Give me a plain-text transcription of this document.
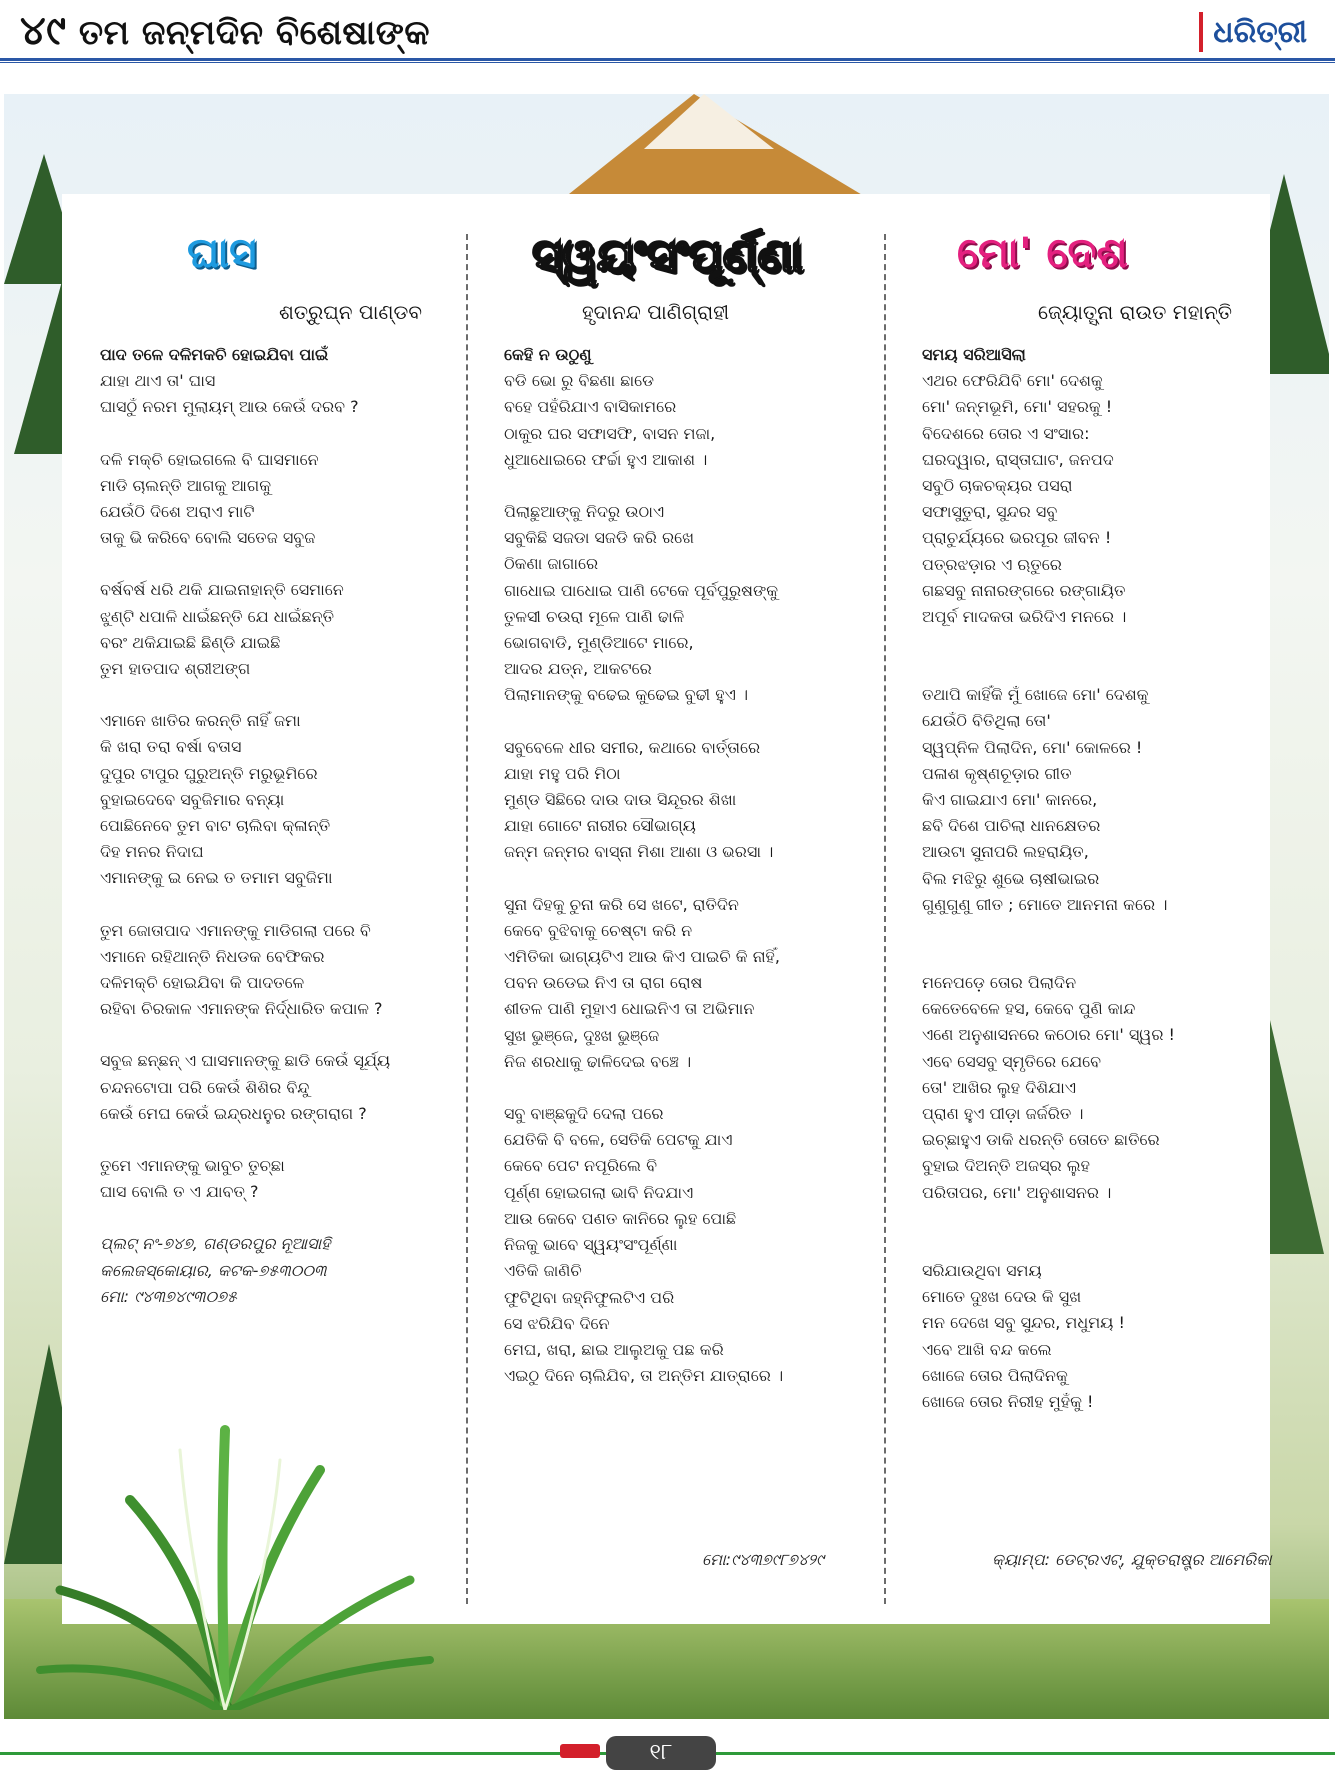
୪୯ ତମ ଜନ୍ମଦିନ ବିଶେଷାଙ୍କ	ଧରିତ୍ରୀ
ଘାସ
ଶତ୍ରୁଘ୍ନ ପାଣ୍ଡବ
ପାଦ ତଳେ ଦଳିମକଚି ହୋଇଯିବା ପାଇଁ
ଯାହା ଥାଏ ତା' ଘାସ
ଘାସଠୁଁ ନରମ ମୁଲାୟମ୍ ଆଉ କେଉଁ ଦରବ ?
ଦଳି ମକ୍ଚି ହୋଇଗଲେ ବି ଘାସମାନେ
ମାଡି ଚାଲନ୍ତି ଆଗକୁ ଆଗକୁ
ଯେଉଁଠି ଦିଶେ ଅରାଏ ମାଟି
ତାକୁ ଭି କରିବେ ବୋଲି ସତେଜ ସବୁଜ
ବର୍ଷବର୍ଷ ଧରି ଥକି ଯାଇନାହାନ୍ତି ସେମାନେ
ଝୁଣ୍ଟି ଧପାଳି ଧାଇଁଛନ୍ତି ଯେ ଧାଇଁଛନ୍ତି
ବରଂ ଥକିଯାଇଛି ଛିଣ୍ଡି ଯାଇଛି
ତୁମ ହାତପାଦ ଶ୍ରୀଅଙ୍ଗ
ଏମାନେ ଖାତିର କରନ୍ତି ନାହିଁ ଜମା
କି ଖରା ତରା ବର୍ଷା ବତାସ
ଦୁପୁର ଟାପୁର ଘୁରୁଅନ୍ତି ମରୁଭୂମିରେ
ବୁହାଇଦେବେ ସବୁଜିମାର ବନ୍ୟା
ପୋଛିନେବେ ତୁମ ବାଟ ଚାଲିବା କ୍ଳାନ୍ତି
ଦିହ ମନର ନିଦାଘ
ଏମାନଙ୍କୁ ଇ ନେଇ ତ ତମାମ ସବୁଜିମା
ତୁମ ଜୋତାପାଦ ଏମାନଙ୍କୁ ମାଡିଗଲା ପରେ ବି
ଏମାନେ ରହିଥାନ୍ତି ନିଧଡକ ବେଫିକର
ଦଳିମକ୍ଚି ହୋଇଯିବା କି ପାଦତଳେ
ରହିବା ଚିରକାଳ ଏମାନଙ୍କ ନିର୍ଦ୍ଧାରିତ କପାଳ ?
ସବୁଜ ଛନ୍ଛନ୍ ଏ ଘାସମାନଙ୍କୁ ଛାଡି କେଉଁ ସୂର୍ଯ୍ୟ
ଚନ୍ଦନଟୋପା ପରି କେଉଁ ଶିଶିର ବିନ୍ଦୁ
କେଉଁ ମେଘ କେଉଁ ଇନ୍ଦ୍ରଧନୁର ରଙ୍ଗରାଗ ?
ତୁମେ ଏମାନଙ୍କୁ ଭାବୁଚ ତୁଚ୍ଛା
ଘାସ ବୋଲି ତ ଏ ଯାବତ୍ ?
ପ୍ଲଟ୍ ନଂ-୭୪୭, ଗଣ୍ଡରପୁର ନୂଆସାହି
କଲେଜସ୍କୋୟାର, କଟକ-୭୫୩୦୦୩
ମୋ: ୯୪୩୭୪୯୩୦୭୫
ସ୍ୱୟଂସଂପୂର୍ଣ୍ଣା
ହୃଦାନନ୍ଦ ପାଣିଗ୍ରାହୀ
କେହି ନ ଉଠୁଣୁ
ବଡି ଭୋ ରୁ ବିଛଣା ଛାଡେ
ବହେ ପହଁରିଯାଏ ବାସିକାମରେ
ଠାକୁର ଘର ସଫାସଫି, ବାସନ ମଜା,
ଧୁଆଧୋଇରେ ଫର୍ଚ୍ଚା ହୁଏ ଆକାଶ ।
ପିଲାଛୁଆଙ୍କୁ ନିଦରୁ ଉଠାଏ
ସବୁକିଛି ସଜଡା ସଜଡି କରି ରଖେ
ଠିକଣା ଜାଗାରେ
ଗାଧୋଇ ପାଧୋଇ ପାଣି ଟେକେ ପୂର୍ବପୁରୁଷଙ୍କୁ
ତୁଳସୀ ଚଉରା ମୂଳେ ପାଣି ଢାଳି
ଭୋଗବାଡି, ମୁଣ୍ଡିଆଟେ ମାରେ,
ଆଦର ଯତ୍ନ, ଆକଟରେ
ପିଲାମାନଙ୍କୁ ବଢେଇ କୁଢେଇ ବୁଢୀ ହୁଏ ।
ସବୁବେଳେ ଧୀର ସମୀର, କଥାରେ ବାର୍ତ୍ତାରେ
ଯାହା ମହୁ ପରି ମିଠା
ମୁଣ୍ଡ ସିଛିରେ ଦାଉ ଦାଉ ସିନ୍ଦୂରର ଶିଖା
ଯାହା ଗୋଟେ ନାରୀର ସୌଭାଗ୍ୟ
ଜନ୍ମ ଜନ୍ମର ବାସ୍ନା ମିଶା ଆଶା ଓ ଭରସା ।
ସୁନା ଦିହକୁ ଚୁନା କରି ସେ ଖଟେ, ରାତିଦିନ
କେବେ ବୁଝିବାକୁ ଚେଷ୍ଟା କରି ନ
ଏମିତିକା ଭାଗ୍ୟଟିଏ ଆଉ କିଏ ପାଇଚି କି ନାହିଁ,
ପବନ ଉଡେଇ ନିଏ ତା ରାଗ ରୋଷ
ଶୀତଳ ପାଣି ମୁହାଏ ଧୋଇନିଏ ତା ଅଭିମାନ
ସୁଖ ଭୁଞ୍ଜେ, ଦୁଃଖ ଭୁଞ୍ଜେ
ନିଜ ଶରଧାକୁ ଢାଳିଦେଇ ବଞ୍ଚେ ।
ସବୁ ବାଞ୍ଛକୁଦି ଦେଲା ପରେ
ଯେତିକି ବି ବଳେ, ସେତିକି ପେଟକୁ ଯାଏ
କେବେ ପେଟ ନପୂରିଲେ ବି
ପୂର୍ଣ୍ଣ ହୋଇଗଲା ଭାବି ନିଦଯାଏ
ଆଉ କେବେ ପଣତ କାନିରେ ଲୁହ ପୋଛି
ନିଜକୁ ଭାବେ ସ୍ୱୟଂସଂପୂର୍ଣ୍ଣା
ଏତିକି ଜାଣିଚି
ଫୁଟିଥିବା ଜହ୍ନିଫୁଲଟିଏ ପରି
ସେ ଝରିଯିବ ଦିନେ
ମେଘ, ଖରା, ଛାଇ ଆଲୁଅକୁ ପଛ କରି
ଏଇଠୁ ଦିନେ ଚାଲିଯିବ, ତା ଅନ୍ତିମ ଯାତ୍ରାରେ ।
ମୋ:୯୪୩୭୯୮୭୪୨୯
ମୋ' ଦେଶ
ଜ୍ୟୋତ୍ସ୍ନା ରାଉତ ମହାନ୍ତି
ସମୟ ସରିଆସିଲା
ଏଥର ଫେରିଯିବି ମୋ' ଦେଶକୁ
ମୋ' ଜନ୍ମଭୂମି, ମୋ' ସହରକୁ !
ବିଦେଶରେ ତୋର ଏ ସଂସାର:
ଘରଦ୍ୱାର, ରାସ୍ତାଘାଟ, ଜନପଦ
ସବୁଠି ଚାକଚକ୍ୟର ପସରା
ସଫାସୁତୁରା, ସୁନ୍ଦର ସବୁ
ପ୍ରାଚୁର୍ଯ୍ୟରେ ଭରପୂର ଜୀବନ !
ପତ୍ରଝଡ଼ାର ଏ ଋତୁରେ
ଗଛସବୁ ନାନାରଙ୍ଗରେ ରଙ୍ଗାୟିତ
ଅପୂର୍ବ ମାଦକତା ଭରିଦିଏ ମନରେ ।
ତଥାପି କାହିଁକି ମୁଁ ଖୋଜେ ମୋ' ଦେଶକୁ
ଯେଉଁଠି ବିତିଥିଲା ତୋ'
ସ୍ୱପ୍ନିଳ ପିଲାଦିନ, ମୋ' କୋଳରେ !
ପଳାଶ କୃଷ୍ଣଚୂଡ଼ାର ଗୀତ
କିଏ ଗାଇଯାଏ ମୋ' କାନରେ,
ଛବି ଦିଶେ ପାଚିଲା ଧାନକ୍ଷେତର
ଆଉଟା ସୁନାପରି ଲହରାୟିତ,
ବିଲ ମଝିରୁ ଶୁଭେ ଚାଷୀଭାଇର
ଗୁଣୁଗୁଣୁ ଗୀତ ; ମୋତେ ଆନମନା କରେ ।
ମନେପଡ଼େ ତୋର ପିଲାଦିନ
କେତେବେଳେ ହସ, କେବେ ପୁଣି କାନ୍ଦ
ଏଣେ ଅନୁଶାସନରେ କଠୋର ମୋ' ସ୍ୱର !
ଏବେ ସେସବୁ ସ୍ମୃତିରେ ଯେବେ
ତୋ' ଆଖିର ଲୁହ ଦିଶିଯାଏ
ପ୍ରାଣ ହୁଏ ପୀଡ଼ା ଜର୍ଜରିତ ।
ଇଚ୍ଛାହୁଏ ଡାକି ଧରନ୍ତି ତୋତେ ଛାତିରେ
ବୁହାଇ ଦିଅନ୍ତି ଅଜସ୍ର ଲୁହ
ପରିତାପର, ମୋ' ଅନୁଶାସନର ।
ସରିଯାଉଥିବା ସମୟ
ମୋତେ ଦୁଃଖ ଦେଉ କି ସୁଖ
ମନ ଦେଖେ ସବୁ ସୁନ୍ଦର, ମଧୁମୟ !
ଏବେ ଆଖି ବନ୍ଦ କଲେ
ଖୋଜେ ତୋର ପିଲାଦିନକୁ
ଖୋଜେ ତୋର ନିରୀହ ମୁହଁକୁ !
କ୍ୟାମ୍ପ: ଡେଟ୍ରଏଟ୍, ଯୁକ୍ତରାଷ୍ଟ୍ର ଆମେରିକା
୧୮
